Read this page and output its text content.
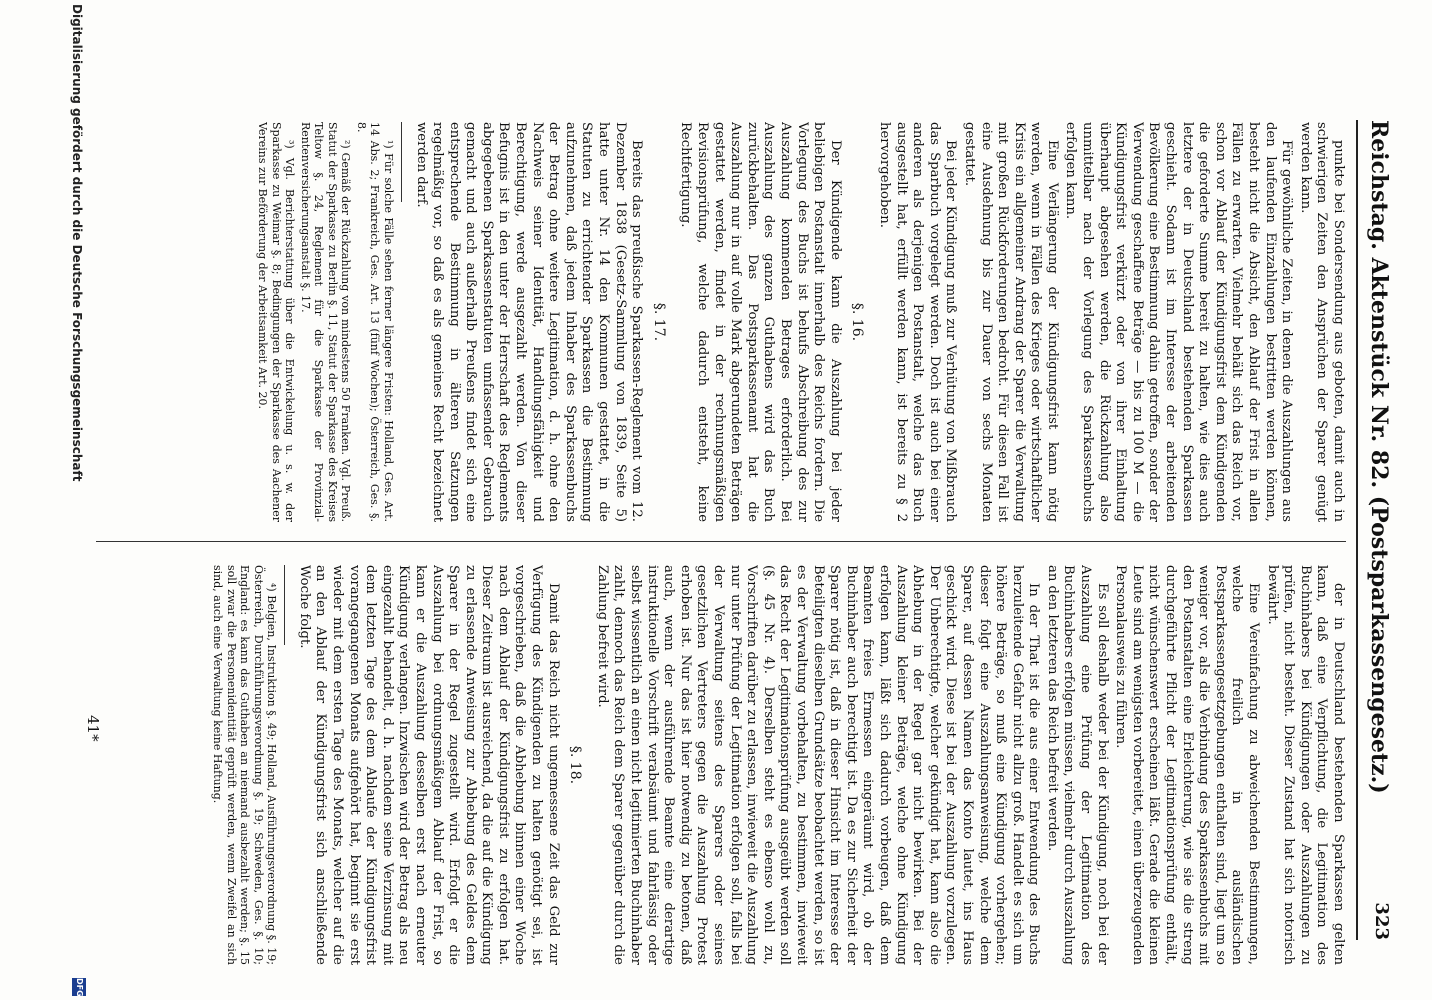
Reichstag. Aktenstück Nr. 82. (Postsparkassengesetz.)
323

punkte bei Sondersendung aus geboten, damit auch in schwierigen Zeiten den Ansprüchen der Sparer genügt werden kann.

Für gewöhnliche Zeiten, in denen die Auszahlungen aus den laufenden Einzahlungen bestritten werden können, besteht nicht die Absicht, den Ablauf der Frist in allen Fällen zu erwarten. Vielmehr behält sich das Reich vor, schon vor Ablauf der Kündigungsfrist dem Kündigenden die geforderte Summe bereit zu halten, wie dies auch letztere der in Deutschland bestehenden Sparkassen geschieht. Sodann ist im Interesse der arbeitenden Bevölkerung eine Bestimmung dahin getroffen, sonder der Verwendung geschaffene Beträge — bis zu 100 M — die Kündigungsfrist verkürzt oder von ihrer Einhaltung überhaupt abgesehen werden, die Rückzahlung also unmittelbar nach der Vorlegung des Sparkassenbuchs erfolgen kann.

Eine Verlängerung der Kündigungsfrist kann nötig werden, wenn in Fällen des Krieges oder wirtschaftlicher Krisis ein allgemeiner Andrang der Sparer die Verwaltung mit großen Rückforderungen bedroht. Für diesen Fall ist eine Ausdehnung bis zur Dauer von sechs Monaten gestattet.

Bei jeder Kündigung muß zur Verhütung von Mißbrauch das Sparbuch vorgelegt werden. Doch ist auch bei einer anderen als derjenigen Postanstalt, welche das Buch ausgestellt hat, erfüllt werden kann, ist bereits zu § 2 hervorgehoben.

§. 16.

Der Kündigende kann die Auszahlung bei jeder beliebigen Postanstalt innerhalb des Reichs fordern. Die Vorlegung des Buchs ist behufs Abschreibung des zur Auszahlung kommenden Betrages erforderlich. Bei Auszahlung des ganzen Guthabens wird das Buch zurückbehalten. Das Postsparkassenamt hat die Auszahlung nur in auf volle Mark abgerundeten Beträgen gestattet werden, findet in der rechnungsmäßigen Revisionsprüfung, welche dadurch entsteht, keine Rechtfertigung.

§. 17.

Bereits das preußische Sparkassen-Reglement vom 12. Dezember 1838 (Gesetz-Sammlung von 1839, Seite 5) hatte unter Nr. 14 den Kommunen gestattet, in die Statuten zu errichtender Sparkassen die Bestimmung aufzunehmen, daß jedem Inhaber des Sparkassenbuchs der Betrag ohne weitere Legitimation, d. h. ohne den Nachweis seiner Identität, Handlungsfähigkeit und Berechtigung, werde ausgezahlt werden. Von dieser Befugnis ist in den unter der Herrschaft des Reglements abgegebenen Sparkassenstatuten umfassender Gebrauch gemacht und auch außerhalb Preußens findet sich eine entsprechende Bestimmung in älteren Satzungen regelmäßig vor, so daß es als gemeines Recht bezeichnet werden darf.

¹) Für solche Fälle sehen ferner längere Fristen: Holland, Ges. Art. 14 Abs. 2; Frankreich, Ges. Art. 13 (fünf Wochen); Österreich, Ges. §. 8.

²) Gemäß der Rückzahlung von mindestens 50 Franken. Vgl. Preuß. Statut der Sparkasse zu Berlin §. 11, Statut der Sparkasse des Kreises Teltow §. 24, Reglement für die Sparkasse der Provinzial-Rentenversicherungsanstalt §. 17.

³) Vgl. Berichterstattung über die Entwickelung u. s. w. der Sparkasse zu Weimar §. 8; Bedingungen der Sparkasse des Aachener Vereins zur Beförderung der Arbeitsamkeit Art. 20.

der in Deutschland bestehenden Sparkassen gelten kann, daß eine Verpflichtung, die Legitimation des Buchinhabers bei Kündigungen oder Auszahlungen zu prüfen, nicht besteht. Dieser Zustand hat sich notorisch bewährt.

Eine Vereinfachung zu abweichenden Bestimmungen, welche freilich in ausländischen Postsparkassengesetzgebungen enthalten sind, liegt um so weniger vor, als die Verbindung des Sparkassenbuchs mit den Postanstalten eine Erleichterung, wie sie die streng durchgeführte Pflicht der Legitimationsprüfung enthält, nicht wünschenswert erscheinen läßt. Gerade die kleinen Leute sind am wenigsten vorbereitet, einen überzeugenden Personalausweis zu führen.

Es soll deshalb weder bei der Kündigung, noch bei der Auszahlung eine Prüfung der Legitimation des Buchinhabers erfolgen müssen, vielmehr durch Auszahlung an den letzteren das Reich befreit werden.

In der That ist die aus einer Entwendung des Buchs herzuleitende Gefahr nicht allzu groß. Handelt es sich um höhere Beträge, so muß eine Kündigung vorhergehen; dieser folgt eine Auszahlungsanweisung, welche dem Sparer, auf dessen Namen das Konto lautet, ins Haus geschickt wird. Diese ist bei der Auszahlung vorzulegen. Der Unberechtigte, welcher gekündigt hat, kann also die Abhebung in der Regel gar nicht bewirken. Bei der Auszahlung kleiner Beträge, welche ohne Kündigung erfolgen kann, läßt sich dadurch vorbeugen, daß dem Beamten freies Ermessen eingeräumt wird, ob der Buchinhaber auch berechtigt ist. Da es zur Sicherheit der Sparer nötig ist, daß in dieser Hinsicht im Interesse der Beteiligten dieselben Grundsätze beobachtet werden, so ist es der Verwaltung vorbehalten, zu bestimmen, inwieweit das Recht der Legitimationsprüfung ausgeübt werden soll (§. 45 Nr. 4). Derselben steht es ebenso wohl zu, Vorschriften darüber zu erlassen, inwieweit die Auszahlung nur unter Prüfung der Legitimation erfolgen soll, falls bei der Verwaltung seitens des Sparers oder seines gesetzlichen Vertreters gegen die Auszahlung Protest erhoben ist. Nur das ist hier notwendig zu betonen, daß auch, wenn der ausführende Beamte eine derartige instruktionelle Vorschrift verabsäumt und fahrlässig oder selbst wissentlich an einen nicht legitimierten Buchinhaber zahlt, dennoch das Reich dem Sparer gegenüber durch die Zahlung befreit wird.

§. 18.

Damit das Reich nicht ungemessene Zeit das Geld zur Verfügung des Kündigenden zu halten genötigt sei, ist vorgeschrieben, daß die Abhebung binnen einer Woche nach dem Ablauf der Kündigungsfrist zu erfolgen hat. Dieser Zeitraum ist ausreichend, da die auf die Kündigung zu erlassende Anweisung zur Abhebung des Geldes dem Sparer in der Regel zugestellt wird. Erfolgt er die Auszahlung bei ordnungsmäßigem Ablauf der Frist, so kann er die Auszahlung desselben erst nach erneuter Kündigung verlangen. Inzwischen wird der Betrag als neu eingezahlt behandelt, d. h. nachdem seine Verzinsung mit dem letzten Tage des dem Ablaufe der Kündigungsfrist vorangegangenen Monats aufgehört hat, beginnt sie erst wieder mit dem ersten Tage des Monats, welcher auf die an den Ablauf der Kündigungsfrist sich anschließende Woche folgt.

⁴) Belgien, Instruktion §. 49; Holland, Ausführungsverordnung §. 19; Österreich, Durchführungsverordnung §. 19; Schweden, Ges. §. 10; England: es kann das Guthaben an niemand ausbezahlt werden; §. 15 soll zwar die Personenidentität geprüft werden, wenn Zweifel an sich sind, auch eine Verwaltung keine Haftung.

41*
Digitalisierung gefördert durch die Deutsche Forschungsgemeinschaft
DFG
